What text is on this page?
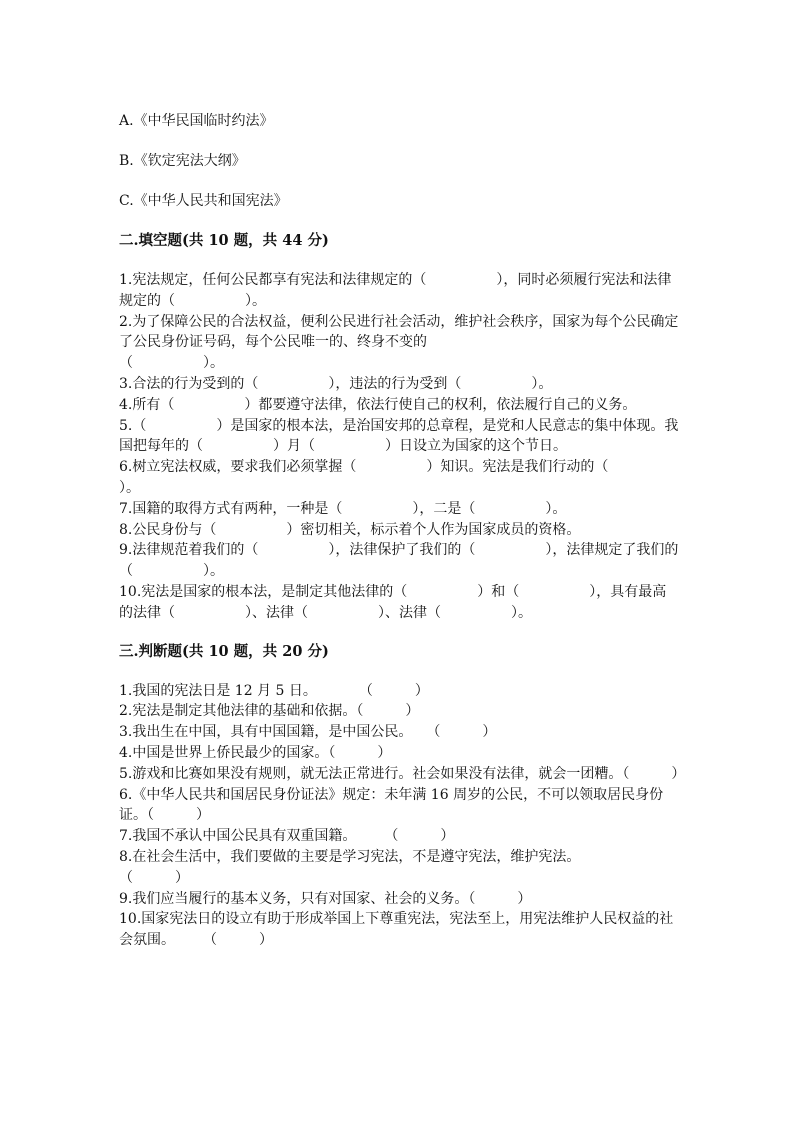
A.《中华民国临时约法》
B.《钦定宪法大纲》
C.《中华人民共和国宪法》
二.填空题(共 10 题，共 44 分)
1.宪法规定，任何公民都享有宪法和法律规定的（　　　　　），同时必须履行宪法和法律规定的（　　　　　）。
2.为了保障公民的合法权益，便利公民进行社会活动，维护社会秩序，国家为每个公民确定了公民身份证号码，每个公民唯一的、终身不变的
（　　　　　）。
3.合法的行为受到的（　　　　　），违法的行为受到（　　　　　）。
4.所有（　　　　　）都要遵守法律，依法行使自己的权利，依法履行自己的义务。
5.（　　　　　）是国家的根本法，是治国安邦的总章程，是党和人民意志的集中体现。我国把每年的（　　　　　）月（　　　　　）日设立为国家的这个节日。
6.树立宪法权威，要求我们必须掌握（　　　　　）知识。宪法是我们行动的（　　　　　）。
7.国籍的取得方式有两种，一种是（　　　　　），二是（　　　　　）。
8.公民身份与（　　　　　）密切相关，标示着个人作为国家成员的资格。
9.法律规范着我们的（　　　　　），法律保护了我们的（　　　　　），法律规定了我们的（　　　　　）。
10.宪法是国家的根本法，是制定其他法律的（　　　　　）和（　　　　　），具有最高的法律（　　　　　）、法律（　　　　　）、法律（　　　　　）。
三.判断题(共 10 题，共 20 分)
1.我国的宪法日是 12 月 5 日。　　　　（　　　）
2.宪法是制定其他法律的基础和依据。（　　　）
3.我出生在中国，具有中国国籍，是中国公民。　　（　　　）
4.中国是世界上侨民最少的国家。（　　　）
5.游戏和比赛如果没有规则，就无法正常进行。社会如果没有法律，就会一团糟。（　　　）
6.《中华人民共和国居民身份证法》规定：未年满 16 周岁的公民，不可以领取居民身份证。（　　　）
7.我国不承认中国公民具有双重国籍。　　　（　　　）
8.在社会生活中，我们要做的主要是学习宪法，不是遵守宪法，维护宪法。
（　　　）
9.我们应当履行的基本义务，只有对国家、社会的义务。（　　　）
10.国家宪法日的设立有助于形成举国上下尊重宪法，宪法至上，用宪法维护人民权益的社会氛围。　　　（　　　）
